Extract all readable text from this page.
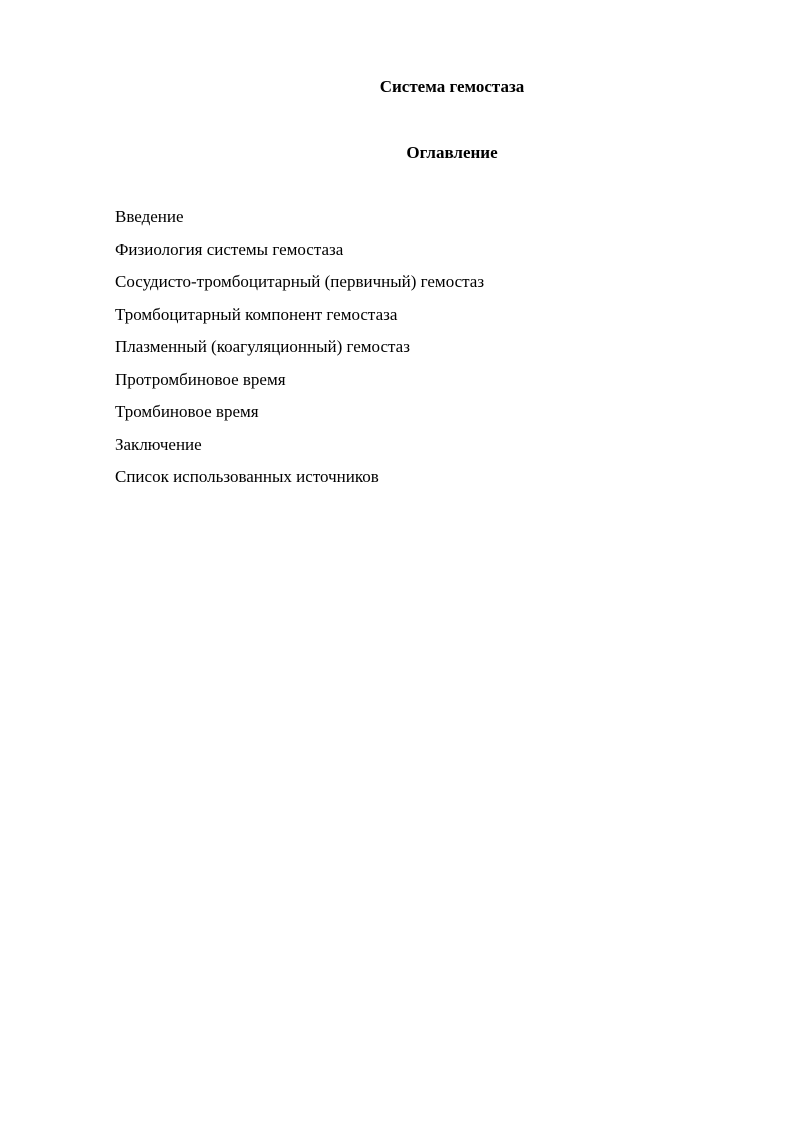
Система гемостаза
Оглавление
Введение
Физиология системы гемостаза
Сосудисто-тромбоцитарный (первичный) гемостаз
Тромбоцитарный компонент гемостаза
Плазменный (коагуляционный) гемостаз
Протромбиновое время
Тромбиновое время
Заключение
Список использованных источников
